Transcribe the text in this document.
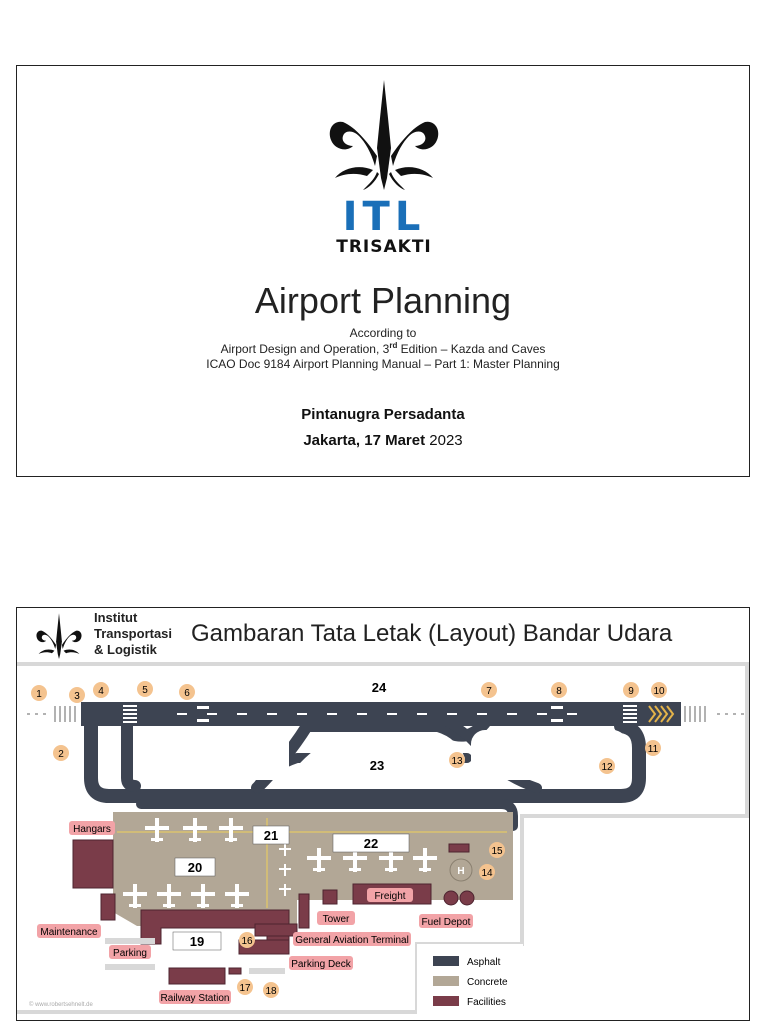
ITL
TRISAKTI
Airport Planning
According to
Airport Design and Operation, 3rd Edition – Kazda and Caves
ICAO Doc 9184 Airport Planning Manual – Part 1: Master Planning
Pintanugra Persadanta
Jakarta, 17 Maret 2023
20
21
22
19
24
23
H
1
2
3 4	5	6	7	8	9 10
11
12
13
14
15
16
17 18
Hangars
Maintenance
Parking
Railway Station
Tower
Freight
Fuel Depot
General Aviation Terminal
Parking Deck	Asphalt
Concrete
Facilities
© www.robertsehnelt.de
Institut
Transportasi
& Logistik
Gambaran Tata Letak (Layout) Bandar Udara
